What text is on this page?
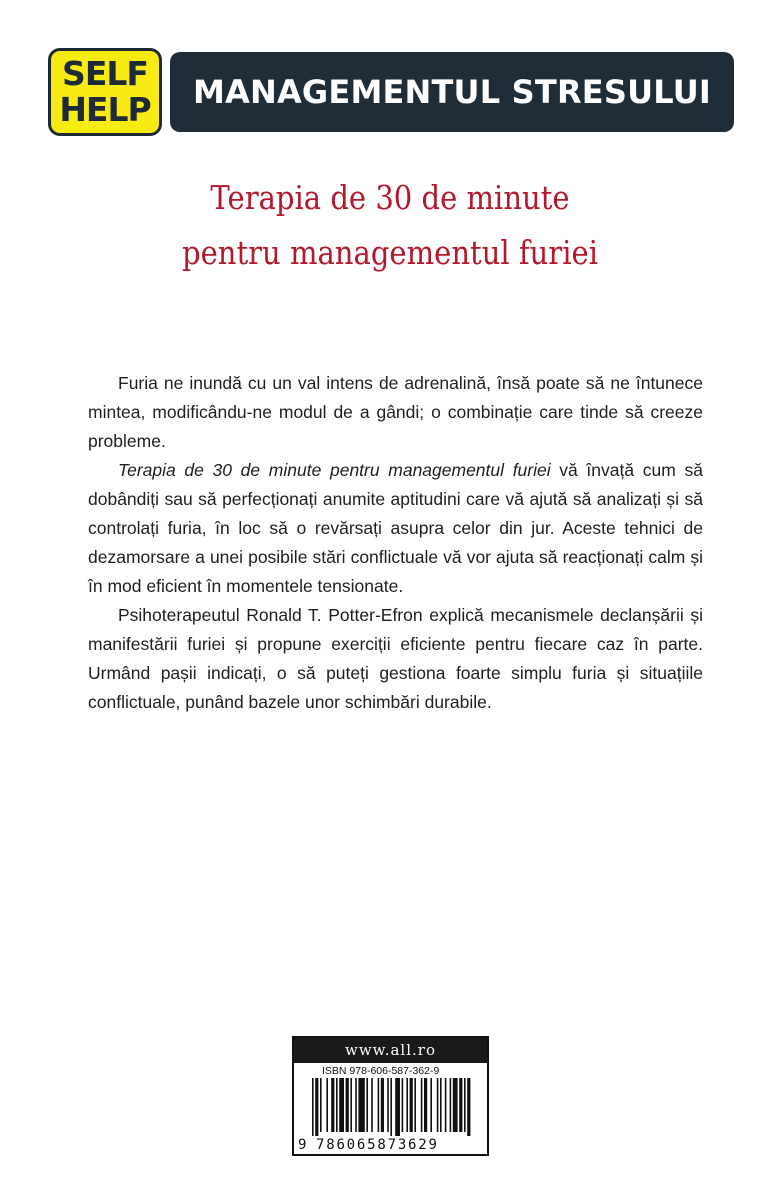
SELF
HELP	MANAGEMENTUL STRESULUI
Terapia de 30 de minute
pentru managementul furiei

Furia ne inundă cu un val intens de adrenalină, însă poate să ne întunece mintea, modificându-ne modul de a gândi; o combinație care tinde să creeze probleme.

Terapia de 30 de minute pentru managementul furiei vă învață cum să dobândiți sau să perfecționați anumite aptitudini care vă ajută să analizați și să controlați furia, în loc să o revărsați asupra celor din jur. Aceste tehnici de dezamorsare a unei posibile stări conflictuale vă vor ajuta să reacționați calm și în mod eficient în momentele tensionate.

Psihoterapeutul Ronald T. Potter-Efron explică mecanismele declanșării și manifestării furiei și propune exerciții eficiente pentru fiecare caz în parte. Urmând pașii indicați, o să puteți gestiona foarte simplu furia și situațiile conflictuale, punând bazele unor schimbări durabile.

www.all.ro
ISBN 978-606-587-362-9
9 786065873629
